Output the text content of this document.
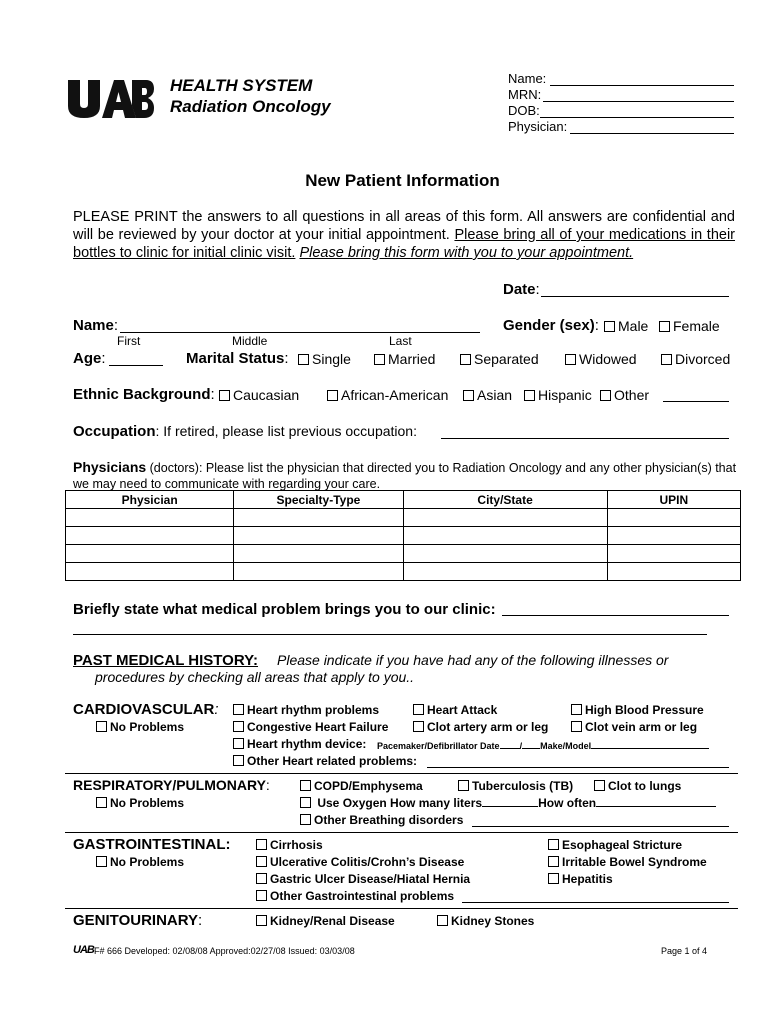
HEALTH SYSTEM
Radiation Oncology
Name:
MRN:
DOB:
Physician:
New Patient Information
PLEASE PRINT the answers to all questions in all areas of this form. All answers are confidential and will be reviewed by your doctor at your initial appointment. Please bring all of your medications in their bottles to clinic for initial clinic visit. Please bring this form with you to your appointment.
Date:
Name:
First	Middle	Last
Gender (sex):	Male	Female
Age:	Marital Status:	Single	Married	Separated	Widowed	Divorced
Ethnic Background:	Caucasian	African-American	Asian	Hispanic	Other
Occupation: If retired, please list previous occupation:
Physicians (doctors): Please list the physician that directed you to Radiation Oncology and any other physician(s) that we may need to communicate with regarding your care.
Physician	Specialty-Type	City/State	UPIN

Briefly state what medical problem brings you to our clinic:
PAST MEDICAL HISTORY: Please indicate if you have had any of the following illnesses or
procedures by checking all areas that apply to you..
CARDIOVASCULAR:
No Problems
Heart rhythm problems	Heart Attack	High Blood Pressure
Congestive Heart Failure	Clot artery arm or leg	Clot vein arm or leg
Heart rhythm device: Pacemaker/Defibrillator Date / Make/Model
Other Heart related problems:
RESPIRATORY/PULMONARY:
No Problems
COPD/Emphysema	Tuberculosis (TB)	Clot to lungs
Use Oxygen How many liters	How often
Other Breathing disorders
GASTROINTESTINAL:
No Problems
Cirrhosis	Esophageal Stricture
Ulcerative Colitis/Crohn’s Disease	Irritable Bowel Syndrome
Gastric Ulcer Disease/Hiatal Hernia	Hepatitis
Other Gastrointestinal problems
GENITOURINARY:	Kidney/Renal Disease	Kidney Stones
UAB F# 666 Developed: 02/08/08 Approved:02/27/08 Issued: 03/03/08	Page 1 of 4
